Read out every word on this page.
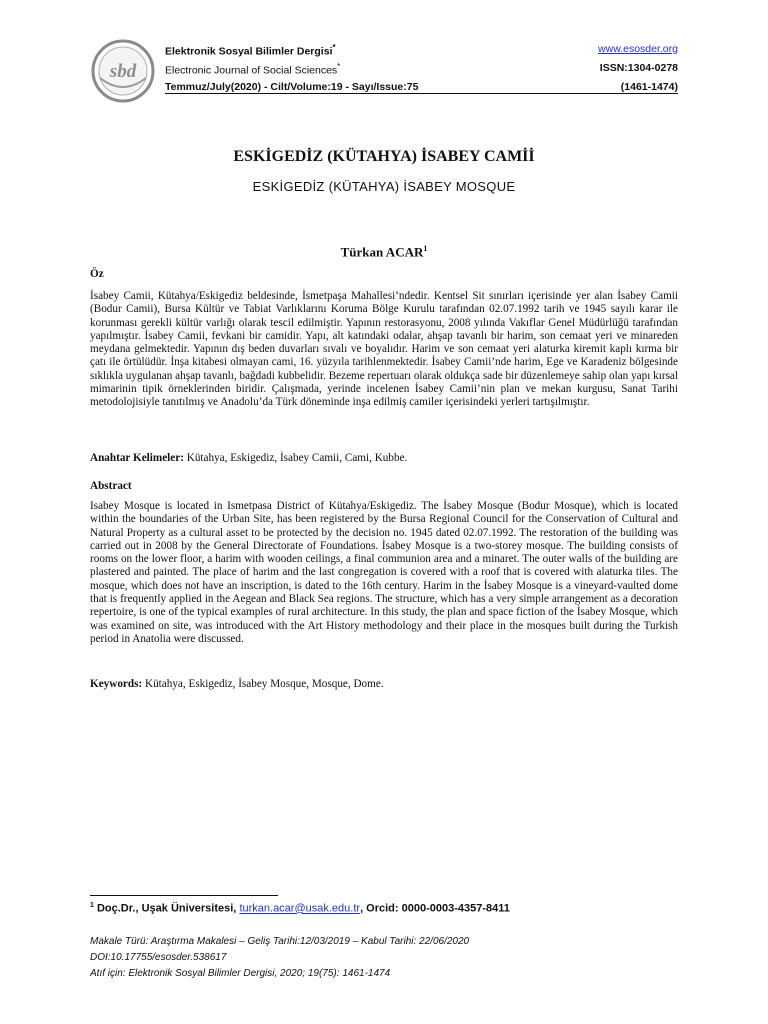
sbd
Elektronik Sosyal Bilimler Dergisi*
Electronic Journal of Social Sciences*
Temmuz/July(2020) - Cilt/Volume:19 - Sayı/Issue:75
www.esosder.org
ISSN:1304-0278
(1461-1474)
ESKİGEDİZ (KÜTAHYA) İSABEY CAMİİ
ESKİGEDİZ (KÜTAHYA) İSABEY MOSQUE
Türkan ACAR$^1$
Öz
İsabey Camii, Kütahya/Eskigediz beldesinde, İsmetpaşa Mahallesi’ndedir. Kentsel Sit sınırları içerisinde yer alan İsabey Camii (Bodur Camii), Bursa Kültür ve Tabiat Varlıklarını Koruma Bölge Kurulu tarafından 02.07.1992 tarih ve 1945 sayılı karar ile korunması gerekli kültür varlığı olarak tescil edilmiştir. Yapının restorasyonu, 2008 yılında Vakıflar Genel Müdürlüğü tarafından yapılmıştır. İsabey Camii, fevkani bir camidir. Yapı, alt katındaki odalar, ahşap tavanlı bir harim, son cemaat yeri ve minareden meydana gelmektedir. Yapının dış beden duvarları sıvalı ve boyalıdır. Harim ve son cemaat yeri alaturka kiremit kaplı kırma bir çatı ile örtülüdür. İnşa kitabesi olmayan cami, 16. yüzyıla tarihlenmektedir. İsabey Camii’nde harim, Ege ve Karadeniz bölgesinde sıklıkla uygulanan ahşap tavanlı, bağdadi kubbelidir. Bezeme repertuarı olarak oldukça sade bir düzenlemeye sahip olan yapı kırsal mimarinin tipik örneklerinden biridir. Çalışmada, yerinde incelenen İsabey Camii’nin plan ve mekan kurgusu, Sanat Tarihi metodolojisiyle tanıtılmış ve Anadolu’da Türk döneminde inşa edilmiş camiler içerisindeki yerleri tartışılmıştır.
Anahtar Kelimeler: Kütahya, Eskigediz, İsabey Camii, Cami, Kubbe.
Abstract
Isabey Mosque is located in Ismetpasa District of Kütahya/Eskigediz. The İsabey Mosque (Bodur Mosque), which is located within the boundaries of the Urban Site, has been registered by the Bursa Regional Council for the Conservation of Cultural and Natural Property as a cultural asset to be protected by the decision no. 1945 dated 02.07.1992. The restoration of the building was carried out in 2008 by the General Directorate of Foundations. İsabey Mosque is a two-storey mosque. The building consists of rooms on the lower floor, a harim with wooden ceilings, a final communion area and a minaret. The outer walls of the building are plastered and painted. The place of harim and the last congregation is covered with a roof that is covered with alaturka tiles. The mosque, which does not have an inscription, is dated to the 16th century. Harim in the İsabey Mosque is a vineyard-vaulted dome that is frequently applied in the Aegean and Black Sea regions. The structure, which has a very simple arrangement as a decoration repertoire, is one of the typical examples of rural architecture. In this study, the plan and space fiction of the İsabey Mosque, which was examined on site, was introduced with the Art History methodology and their place in the mosques built during the Turkish period in Anatolia were discussed.
Keywords: Kütahya, Eskigediz, İsabey Mosque, Mosque, Dome.
$^1$ Doç.Dr., Uşak Üniversitesi, turkan.acar@usak.edu.tr, Orcid: 0000-0003-4357-8411
Makale Türü: Araştırma Makalesi – Geliş Tarihi:12/03/2019 – Kabul Tarihi: 22/06/2020
DOI:10.17755/esosder.538617
Atıf için: Elektronik Sosyal Bilimler Dergisi, 2020; 19(75): 1461-1474
